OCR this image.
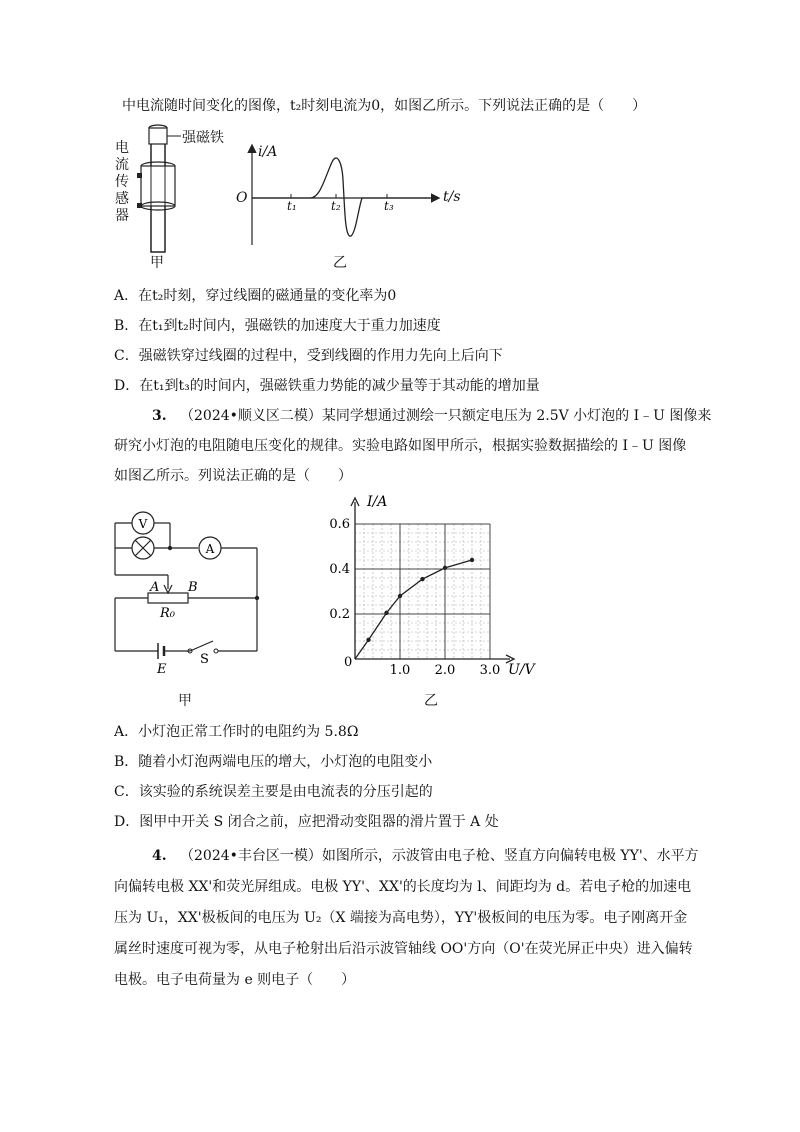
中电流随时间变化的图像，t₂时刻电流为0，如图乙所示。下列说法正确的是（　　）
强磁铁
电
流
传
感
器
甲
i/A
t/s
O	t₁	t₂	t₃
乙
A．在t₂时刻，穿过线圈的磁通量的变化率为0
B．在t₁到t₂时间内，强磁铁的加速度大于重力加速度
C．强磁铁穿过线圈的过程中，受到线圈的作用力先向上后向下
D．在t₁到t₃的时间内，强磁铁重力势能的减少量等于其动能的增加量
3. （2024•顺义区二模）某同学想通过测绘一只额定电压为 2.5V 小灯泡的 I﹣U 图像来
研究小灯泡的电阻随电压变化的规律。实验电路如图甲所示，根据实验数据描绘的 I﹣U 图像
如图乙所示。列说法正确的是（　　）
V
A
A B
R₀
E
S
甲
1.0 2.0 3.0
0.2
0.4
0.6
I/A
U/V
0
乙
A．小灯泡正常工作时的电阻约为 5.8Ω
B．随着小灯泡两端电压的增大，小灯泡的电阻变小
C．该实验的系统误差主要是由电流表的分压引起的
D．图甲中开关 S 闭合之前，应把滑动变阻器的滑片置于 A 处
4. （2024•丰台区一模）如图所示，示波管由电子枪、竖直方向偏转电极 YY'、水平方
向偏转电极 XX'和荧光屏组成。电极 YY'、XX'的长度均为 l、间距均为 d。若电子枪的加速电
压为 U₁，XX'极板间的电压为 U₂（X 端接为高电势），YY'极板间的电压为零。电子刚离开金
属丝时速度可视为零，从电子枪射出后沿示波管轴线 OO'方向（O'在荧光屏正中央）进入偏转
电极。电子电荷量为 e 则电子（　　）
